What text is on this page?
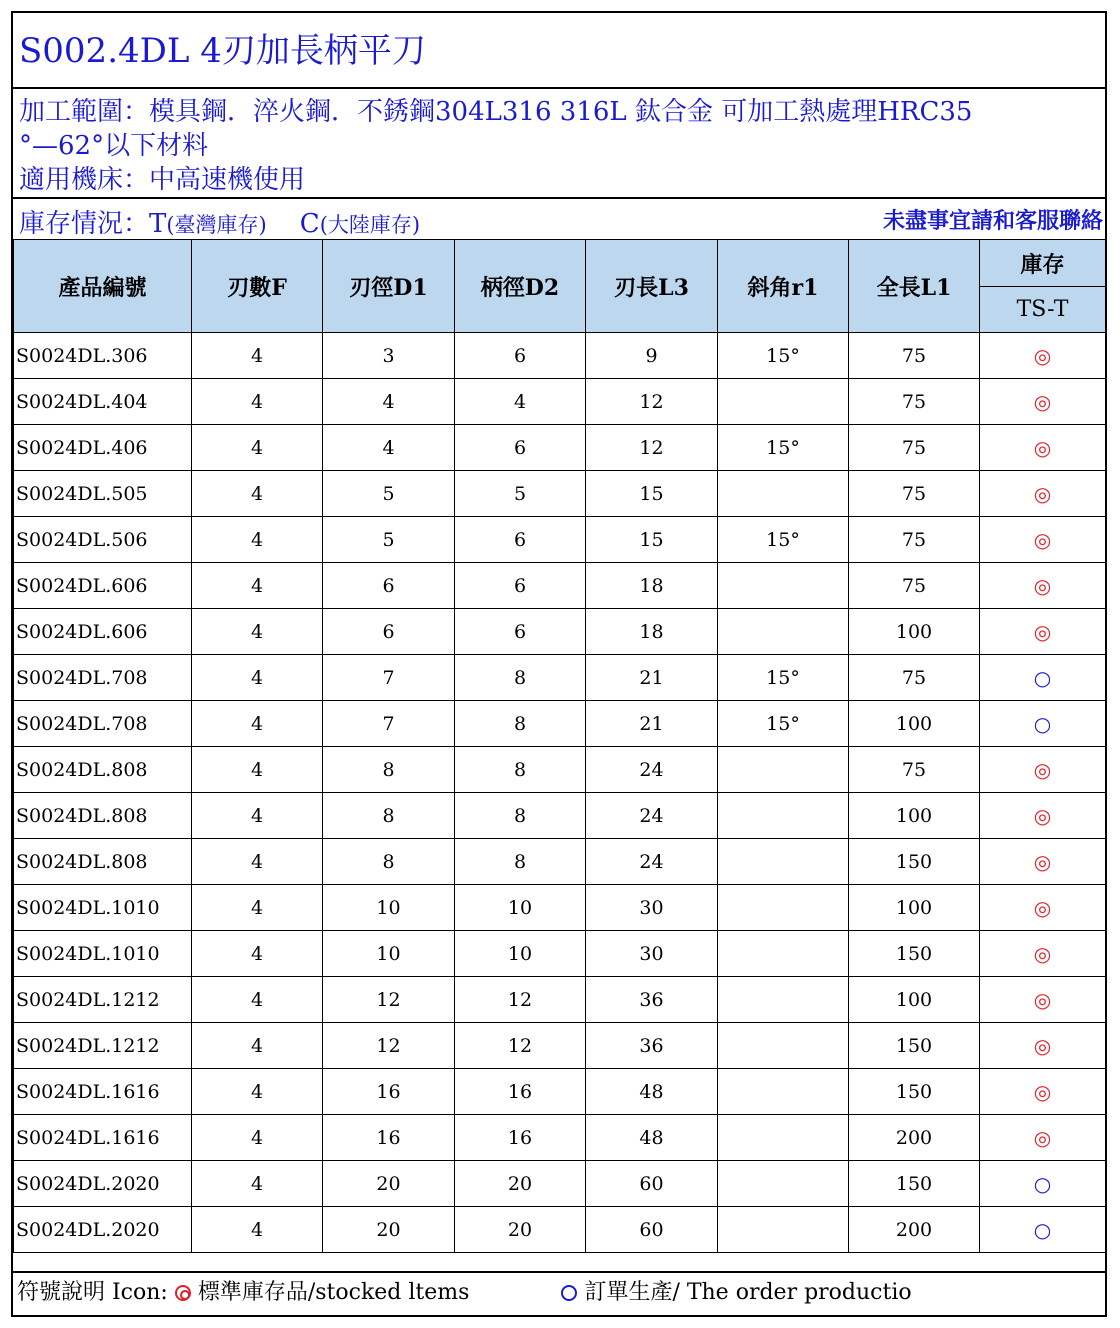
S002.4DL 4刃加長柄平刀
加工範圍：模具鋼．淬火鋼．不銹鋼304L316 316L 鈦合金 可加工熱處理HRC35
°—62°以下材料
適用機床：中高速機使用
庫存情況：T(臺灣庫存) C(大陸庫存)	未盡事宜請和客服聯絡
產品編號	刃數F	刃徑D1	柄徑D2	刃長L3	斜角r1	全長L1	庫存
							TS-T
S0024DL.306	4	3	6	9	15°	75	◎
S0024DL.404	4	4	4	12		75	◎
S0024DL.406	4	4	6	12	15°	75	◎
S0024DL.505	4	5	5	15		75	◎
S0024DL.506	4	5	6	15	15°	75	◎
S0024DL.606	4	6	6	18		75	◎
S0024DL.606	4	6	6	18		100	◎
S0024DL.708	4	7	8	21	15°	75	○
S0024DL.708	4	7	8	21	15°	100	○
S0024DL.808	4	8	8	24		75	◎
S0024DL.808	4	8	8	24		100	◎
S0024DL.808	4	8	8	24		150	◎
S0024DL.1010	4	10	10	30		100	◎
S0024DL.1010	4	10	10	30		150	◎
S0024DL.1212	4	12	12	36		100	◎
S0024DL.1212	4	12	12	36		150	◎
S0024DL.1616	4	16	16	48		150	◎
S0024DL.1616	4	16	16	48		200	◎
S0024DL.2020	4	20	20	60		150	○
S0024DL.2020	4	20	20	60		200	○
符號說明 Icon: 標準庫存品/stocked ltems	訂單生產/ The order productio
